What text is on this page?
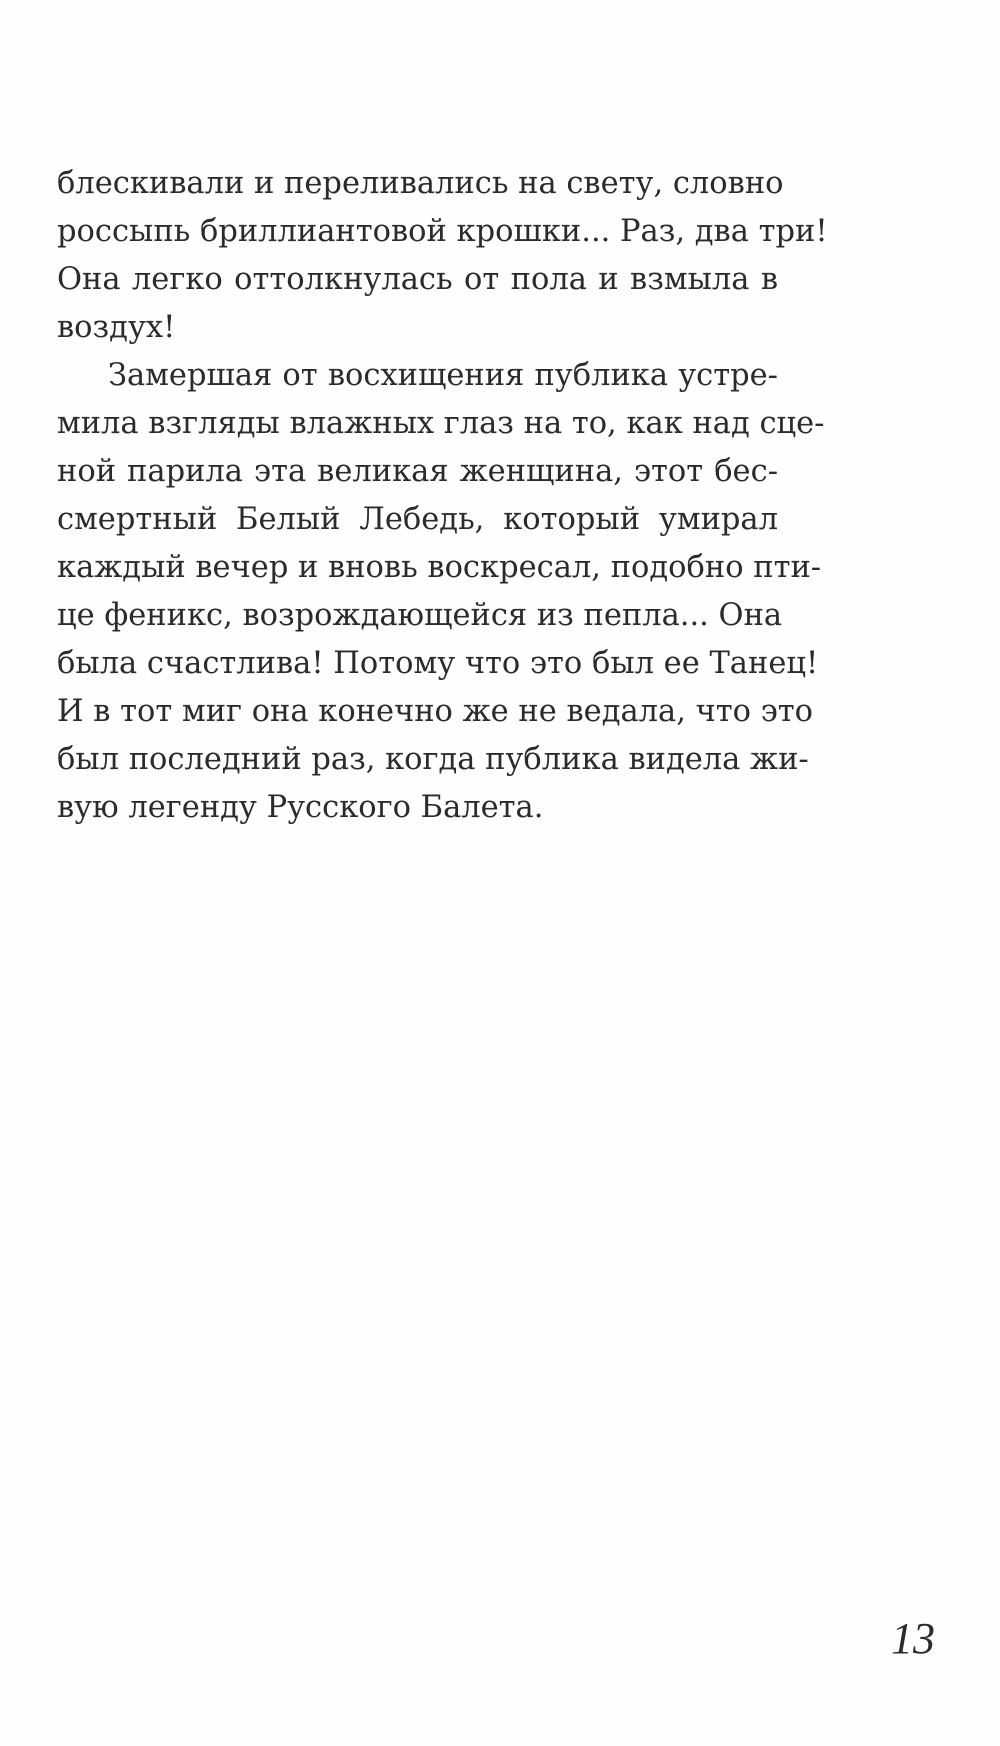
блескивали и переливались на свету, словно
россыпь бриллиантовой крошки... Раз, два три!
Она легко оттолкнулась от пола и взмыла в
воздух!
Замершая от восхищения публика устре-
мила взгляды влажных глаз на то, как над сце-
ной парила эта великая женщина, этот бес-
смертный Белый Лебедь, который умирал
каждый вечер и вновь воскресал, подобно пти-
це феникс, возрождающейся из пепла... Она
была счастлива! Потому что это был ее Танец!
И в тот миг она конечно же не ведала, что это
был последний раз, когда публика видела жи-
вую легенду Русского Балета.
13
